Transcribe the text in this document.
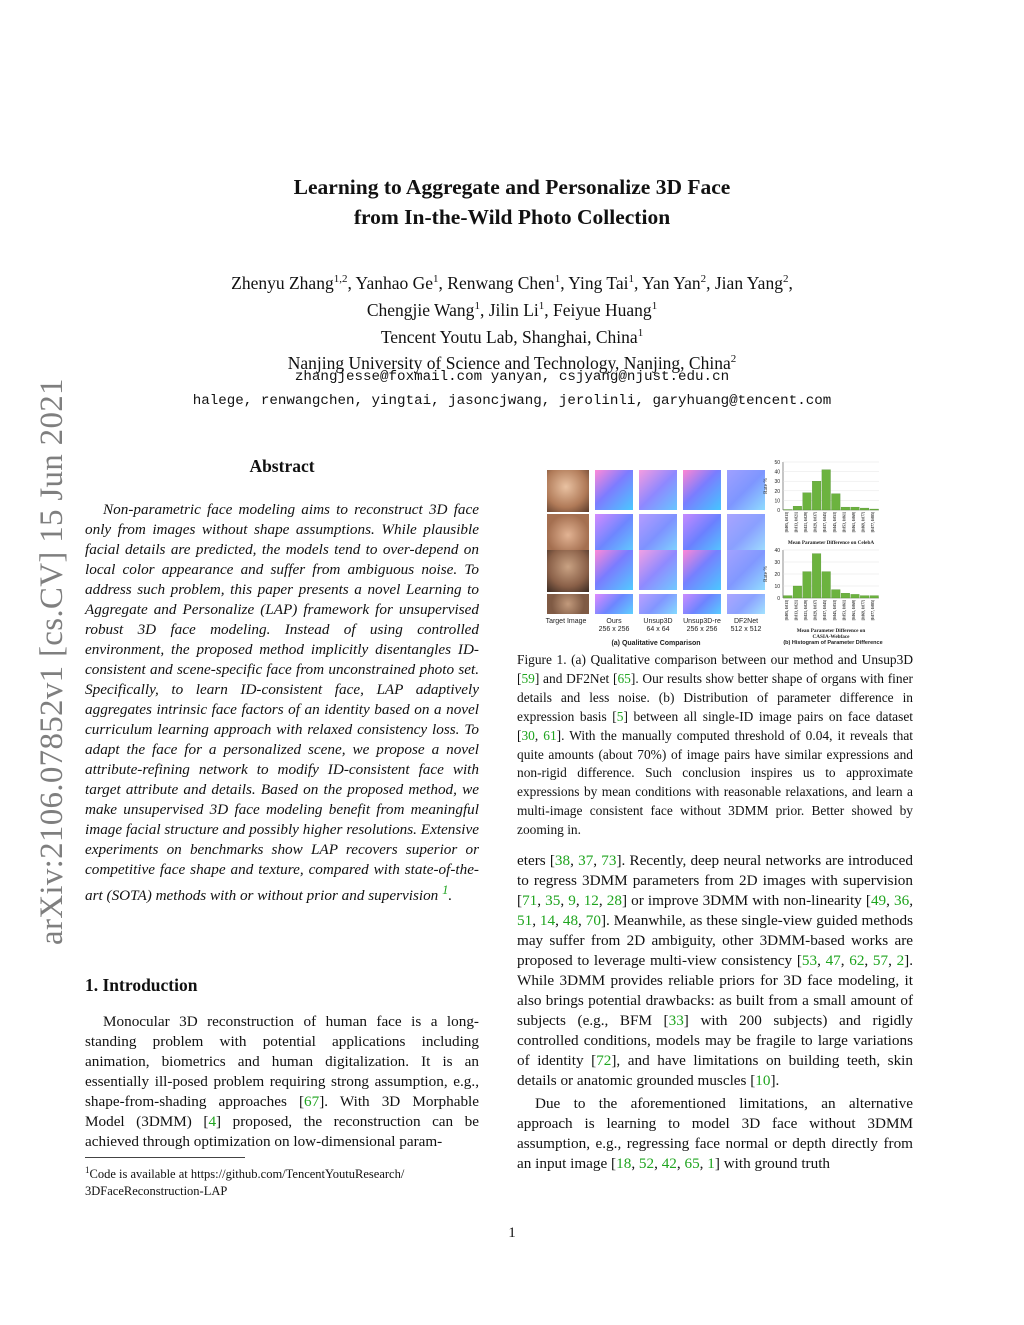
arXiv:2106.07852v1 [cs.CV] 15 Jun 2021
Learning to Aggregate and Personalize 3D Face
from In-the-Wild Photo Collection
Zhenyu Zhang$^{1,2}$, Yanhao Ge$^1$, Renwang Chen$^1$, Ying Tai$^1$, Yan Yan$^2$, Jian Yang$^2$,
Chengjie Wang$^1$, Jilin Li$^1$, Feiyue Huang$^1$
Tencent Youtu Lab, Shanghai, China$^1$
Nanjing University of Science and Technology, Nanjing, China$^2$
zhangjesse@foxmail.com yanyan, csjyang@njust.edu.cn
halege, renwangchen, yingtai, jasoncjwang, jerolinli, garyhuang@tencent.com
Abstract
Non-parametric face modeling aims to reconstruct 3D face only from images without shape assumptions. While plausible facial details are predicted, the models tend to over-depend on local color appearance and suffer from ambiguous noise. To address such problem, this paper presents a novel Learning to Aggregate and Personalize (LAP) framework for unsupervised robust 3D face modeling. Instead of using controlled environment, the proposed method implicitly disentangles ID-consistent and scene-specific face from unconstrained photo set. Specifically, to learn ID-consistent face, LAP adaptively aggregates intrinsic face factors of an identity based on a novel curriculum learning approach with relaxed consistency loss. To adapt the face for a personalized scene, we propose a novel attribute-refining network to modify ID-consistent face with target attribute and details. Based on the proposed method, we make unsupervised 3D face modeling benefit from meaningful image facial structure and possibly higher resolutions. Extensive experiments on benchmarks show LAP recovers superior or competitive face shape and texture, compared with state-of-the-art (SOTA) methods with or without prior and supervision $^1$.
1. Introduction
Monocular 3D reconstruction of human face is a long-standing problem with potential applications including animation, biometrics and human digitalization. It is an essentially ill-posed problem requiring strong assumption, e.g., shape-from-shading approaches [67]. With 3D Morphable Model (3DMM) [4] proposed, the reconstruction can be achieved through optimization on low-dimensional param-
$^1$Code is available at https://github.com/TencentYoutuResearch/ 3DFaceReconstruction-LAP
Target Image	Ours
256 x 256
Unsup3D
64 x 64
Unsup3D-re
256 x 256
DF2Net
512 x 512
(a) Qualitative Comparison
0
10
20
30
40
50
Rate %
[0.005, 0.013] [0.013, 0.021] [0.021, 0.029] [0.029, 0.037] [0.037, 0.045] [0.045, 0.053] [0.053, 0.061] [0.061, 0.069] [0.069, 0.077] [0.077, 0.085]
Mean Parameter Difference on CelebA
0
10
20
30
40
Rate %
[0.005, 0.013] [0.013, 0.021] [0.021, 0.029] [0.029, 0.037] [0.037, 0.045] [0.045, 0.053] [0.053, 0.061] [0.061, 0.069] [0.069, 0.077] [0.077, 0.085]
Mean Parameter Difference on
CASIA-Webface
(b) Histogram of Parameter Difference
Figure 1. (a) Qualitative comparison between our method and Unsup3D [59] and DF2Net [65]. Our results show better shape of organs with finer details and less noise. (b) Distribution of parameter difference in expression basis [5] between all single-ID image pairs on face dataset [30, 61]. With the manually computed threshold of 0.04, it reveals that quite amounts (about 70%) of image pairs have similar expressions and non-rigid difference. Such conclusion inspires us to approximate expressions by mean conditions with reasonable relaxations, and learn a multi-image consistent face without 3DMM prior. Better showed by zooming in.

eters [38, 37, 73]. Recently, deep neural networks are introduced to regress 3DMM parameters from 2D images with supervision [71, 35, 9, 12, 28] or improve 3DMM with non-linearity [49, 36, 51, 14, 48, 70]. Meanwhile, as these single-view guided methods may suffer from 2D ambiguity, other 3DMM-based works are proposed to leverage multi-view consistency [53, 47, 62, 57, 2]. While 3DMM provides reliable priors for 3D face modeling, it also brings potential drawbacks: as built from a small amount of subjects (e.g., BFM [33] with 200 subjects) and rigidly controlled conditions, models may be fragile to large variations of identity [72], and have limitations on building teeth, skin details or anatomic grounded muscles [10].

Due to the aforementioned limitations, an alternative approach is learning to model 3D face without 3DMM assumption, e.g., regressing face normal or depth directly from an input image [18, 52, 42, 65, 1] with ground truth

1
